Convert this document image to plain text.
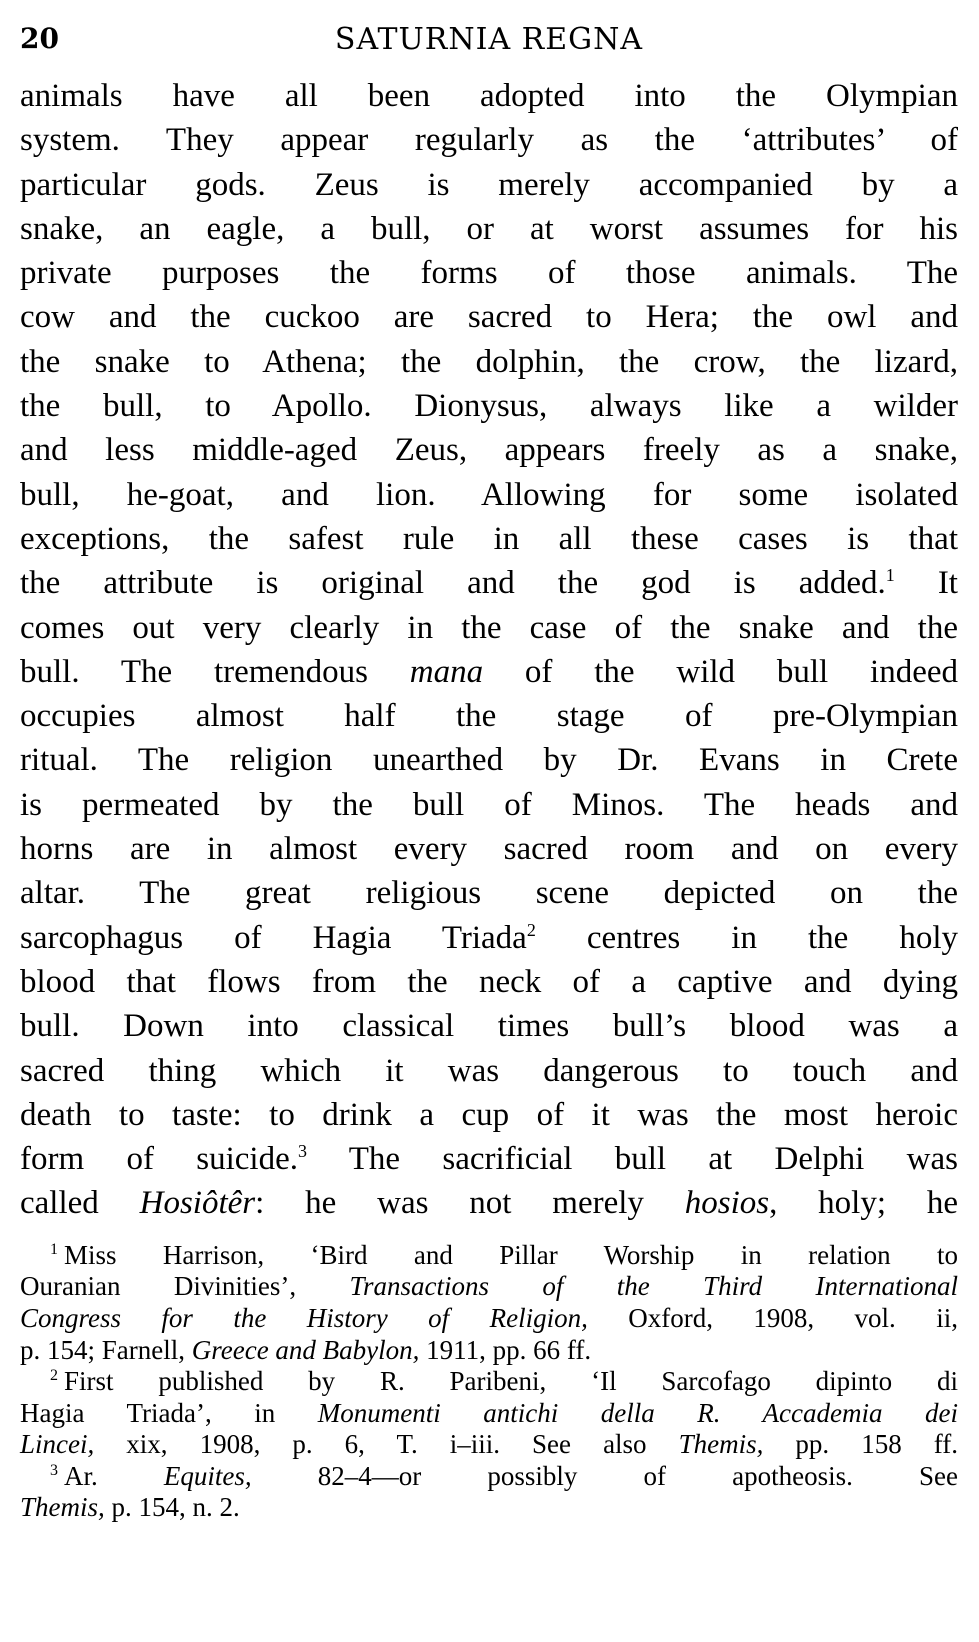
20	SATURNIA REGNA
animals have all been adopted into the Olympian
system. They appear regularly as the ‘attributes’ of
particular gods. Zeus is merely accompanied by a
snake, an eagle, a bull, or at worst assumes for his
private purposes the forms of those animals. The
cow and the cuckoo are sacred to Hera; the owl and
the snake to Athena; the dolphin, the crow, the lizard,
the bull, to Apollo. Dionysus, always like a wilder
and less middle-aged Zeus, appears freely as a snake,
bull, he-goat, and lion. Allowing for some isolated
exceptions, the safest rule in all these cases is that
the attribute is original and the god is added.$^1$ It
comes out very clearly in the case of the snake and the
bull. The tremendous mana of the wild bull indeed
occupies almost half the stage of pre-Olympian
ritual. The religion unearthed by Dr. Evans in Crete
is permeated by the bull of Minos. The heads and
horns are in almost every sacred room and on every
altar. The great religious scene depicted on the
sarcophagus of Hagia Triada$^2$ centres in the holy
blood that flows from the neck of a captive and dying
bull. Down into classical times bull’s blood was a
sacred thing which it was dangerous to touch and
death to taste: to drink a cup of it was the most heroic
form of suicide.$^3$ The sacrificial bull at Delphi was
called Hosiôtêr: he was not merely hosios, holy; he
$^1$ Miss Harrison, ‘Bird and Pillar Worship in relation to
Ouranian Divinities’, Transactions of the Third International
Congress for the History of Religion, Oxford, 1908, vol. ii,
p. 154; Farnell, Greece and Babylon, 1911, pp. 66 ff.
$^2$ First published by R. Paribeni, ‘Il Sarcofago dipinto di
Hagia Triada’, in Monumenti antichi della R. Accademia dei
Lincei, xix, 1908, p. 6, T. i–iii. See also Themis, pp. 158 ff.
$^3$ Ar. Equites, 82–4—or possibly of apotheosis. See
Themis, p. 154, n. 2.
